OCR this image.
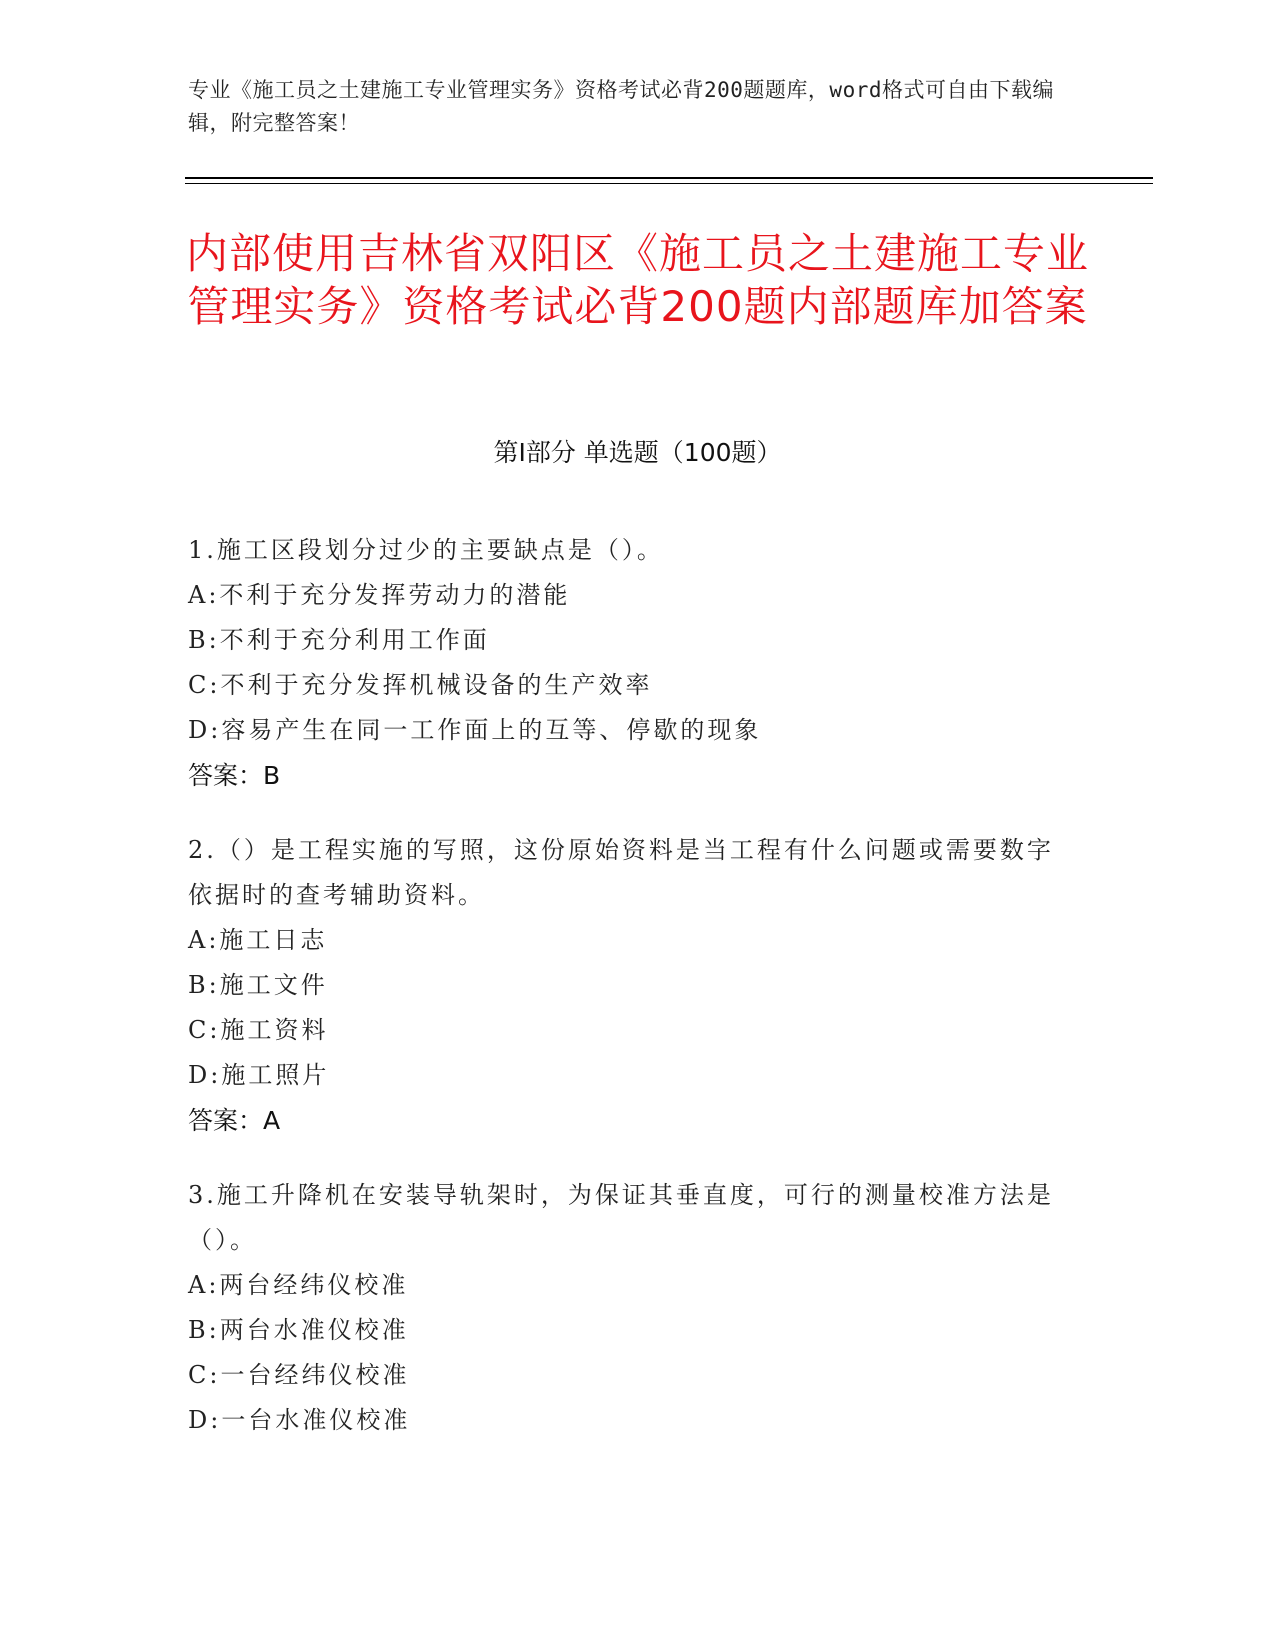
专业《施工员之土建施工专业管理实务》资格考试必背200题题库，word格式可自由下载编辑，附完整答案！
内部使用吉林省双阳区《施工员之土建施工专业管理实务》资格考试必背200题内部题库加答案
第Ⅰ部分 单选题（100题）
1.施工区段划分过少的主要缺点是（）。
A:不利于充分发挥劳动力的潜能
B:不利于充分利用工作面
C:不利于充分发挥机械设备的生产效率
D:容易产生在同一工作面上的互等、停歇的现象
答案：B
2.（）是工程实施的写照，这份原始资料是当工程有什么问题或需要数字依据时的查考辅助资料。
A:施工日志
B:施工文件
C:施工资料
D:施工照片
答案：A
3.施工升降机在安装导轨架时，为保证其垂直度，可行的测量校准方法是（）。
A:两台经纬仪校准
B:两台水准仪校准
C:一台经纬仪校准
D:一台水准仪校准
